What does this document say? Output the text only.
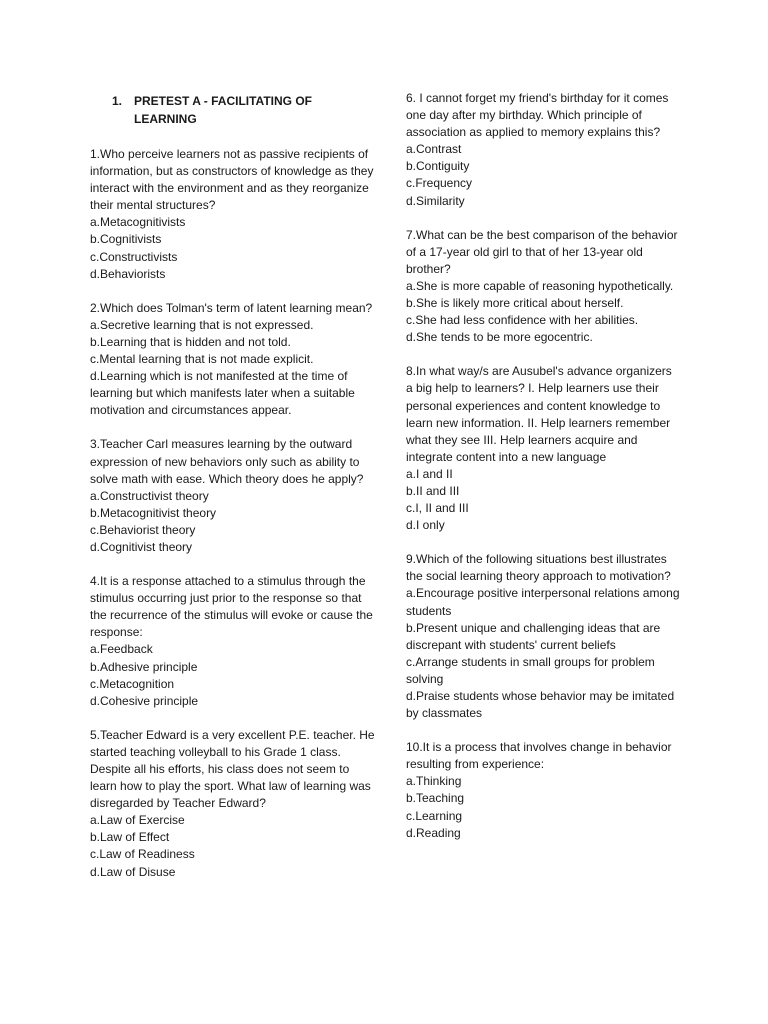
1. PRETEST A - FACILITATING OF LEARNING

1.Who perceive learners not as passive recipients of information, but as constructors of knowledge as they interact with the environment and as they reorganize their mental structures?

a.Metacognitivists
b.Cognitivists
c.Constructivists
d.Behaviorists

2.Which does Tolman's term of latent learning mean?

a.Secretive learning that is not expressed.
b.Learning that is hidden and not told.
c.Mental learning that is not made explicit.
d.Learning which is not manifested at the time of learning but which manifests later when a suitable motivation and circumstances appear.

3.Teacher Carl measures learning by the outward expression of new behaviors only such as ability to solve math with ease. Which theory does he apply?

a.Constructivist theory
b.Metacognitivist theory
c.Behaviorist theory
d.Cognitivist theory

4.It is a response attached to a stimulus through the stimulus occurring just prior to the response so that the recurrence of the stimulus will evoke or cause the response:

a.Feedback
b.Adhesive principle
c.Metacognition
d.Cohesive principle

5.Teacher Edward is a very excellent P.E. teacher. He started teaching volleyball to his Grade 1 class. Despite all his efforts, his class does not seem to learn how to play the sport. What law of learning was disregarded by Teacher Edward?

a.Law of Exercise
b.Law of Effect
c.Law of Readiness
d.Law of Disuse

6. I cannot forget my friend's birthday for it comes one day after my birthday. Which principle of association as applied to memory explains this?

a.Contrast
b.Contiguity
c.Frequency
d.Similarity

7.What can be the best comparison of the behavior of a 17-year old girl to that of her 13-year old brother?

a.She is more capable of reasoning hypothetically.
b.She is likely more critical about herself.
c.She had less confidence with her abilities.
d.She tends to be more egocentric.

8.In what way/s are Ausubel's advance organizers a big help to learners? I. Help learners use their personal experiences and content knowledge to learn new information. II. Help learners remember what they see III. Help learners acquire and integrate content into a new language

a.I and II
b.II and III
c.I, II and III
d.I only

9.Which of the following situations best illustrates the social learning theory approach to motivation?

a.Encourage positive interpersonal relations among students
b.Present unique and challenging ideas that are discrepant with students' current beliefs
c.Arrange students in small groups for problem solving
d.Praise students whose behavior may be imitated by classmates

10.It is a process that involves change in behavior resulting from experience:

a.Thinking
b.Teaching
c.Learning
d.Reading
